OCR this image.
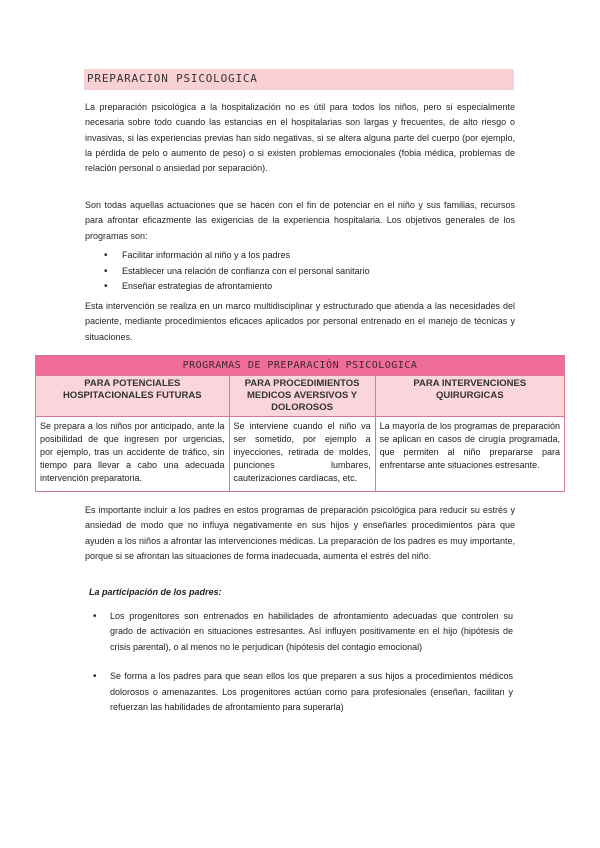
PREPARACION PSICOLOGICA

La preparación psicológica a la hospitalización no es útil para todos los niños, pero si especialmente necesaria sobre todo cuando las estancias en el hospitalarias son largas y frecuentes, de alto riesgo o invasivas, si las experiencias previas han sido negativas, si se altera alguna parte del cuerpo (por ejemplo, la pérdida de pelo o aumento de peso) o si existen problemas emocionales (fobia médica, problemas de relación personal o ansiedad por separación).

Son todas aquellas actuaciones que se hacen con el fin de potenciar en el niño y sus familias, recursos para afrontar eficazmente las exigencias de la experiencia hospitalaria. Los objetivos generales de los programas son:

• Facilitar información al niño y a los padres
• Establecer una relación de confianza con el personal sanitario
• Enseñar estrategias de afrontamiento

Esta intervención se realiza en un marco multidisciplinar y estructurado que atienda a las necesidades del paciente, mediante procedimientos eficaces aplicados por personal entrenado en el manejo de técnicas y situaciones.

PROGRAMAS DE PREPARACIÓN PSICOLOGICA		
PARA POTENCIALES HOSPITACIONALES FUTURAS	PARA PROCEDIMIENTOS MEDICOS AVERSIVOS Y DOLOROSOS	PARA INTERVENCIONES QUIRURGICAS
Se prepara a los niños por anticipado, ante la posibilidad de que ingresen por urgencias, por ejemplo, tras un accidente de tráfico, sin tiempo para llevar a cabo una adecuada intervención preparatoria.	Se interviene cuando el niño va ser sometido, por ejemplo a inyecciones, retirada de moldes, punciones lumbares, cauterizaciones cardíacas, etc.	La mayoría de los programas de preparación se aplican en casos de cirugía programada, que permiten al niño prepararse para enfrentarse ante situaciones estresante.

Es importante incluir a los padres en estos programas de preparación psicológica para reducir su estrés y ansiedad de modo que no influya negativamente en sus hijos y enseñarles procedimientos para que ayuden a los niños a afrontar las intervenciones médicas. La preparación de los padres es muy importante, porque si se afrontan las situaciones de forma inadecuada, aumenta el estrés del niño.

La participación de los padres:

• Los progenitores son entrenados en habilidades de afrontamiento adecuadas que controlen su grado de activación en situaciones estresantes. Así influyen positivamente en el hijo (hipótesis de crisis parental), o al menos no le perjudican (hipótesis del contagio emocional)
• Se forma a los padres para que sean ellos los que preparen a sus hijos a procedimientos médicos dolorosos o amenazantes. Los progenitores actúan como para profesionales (enseñan, facilitan y refuerzan las habilidades de afrontamiento para superarla)
